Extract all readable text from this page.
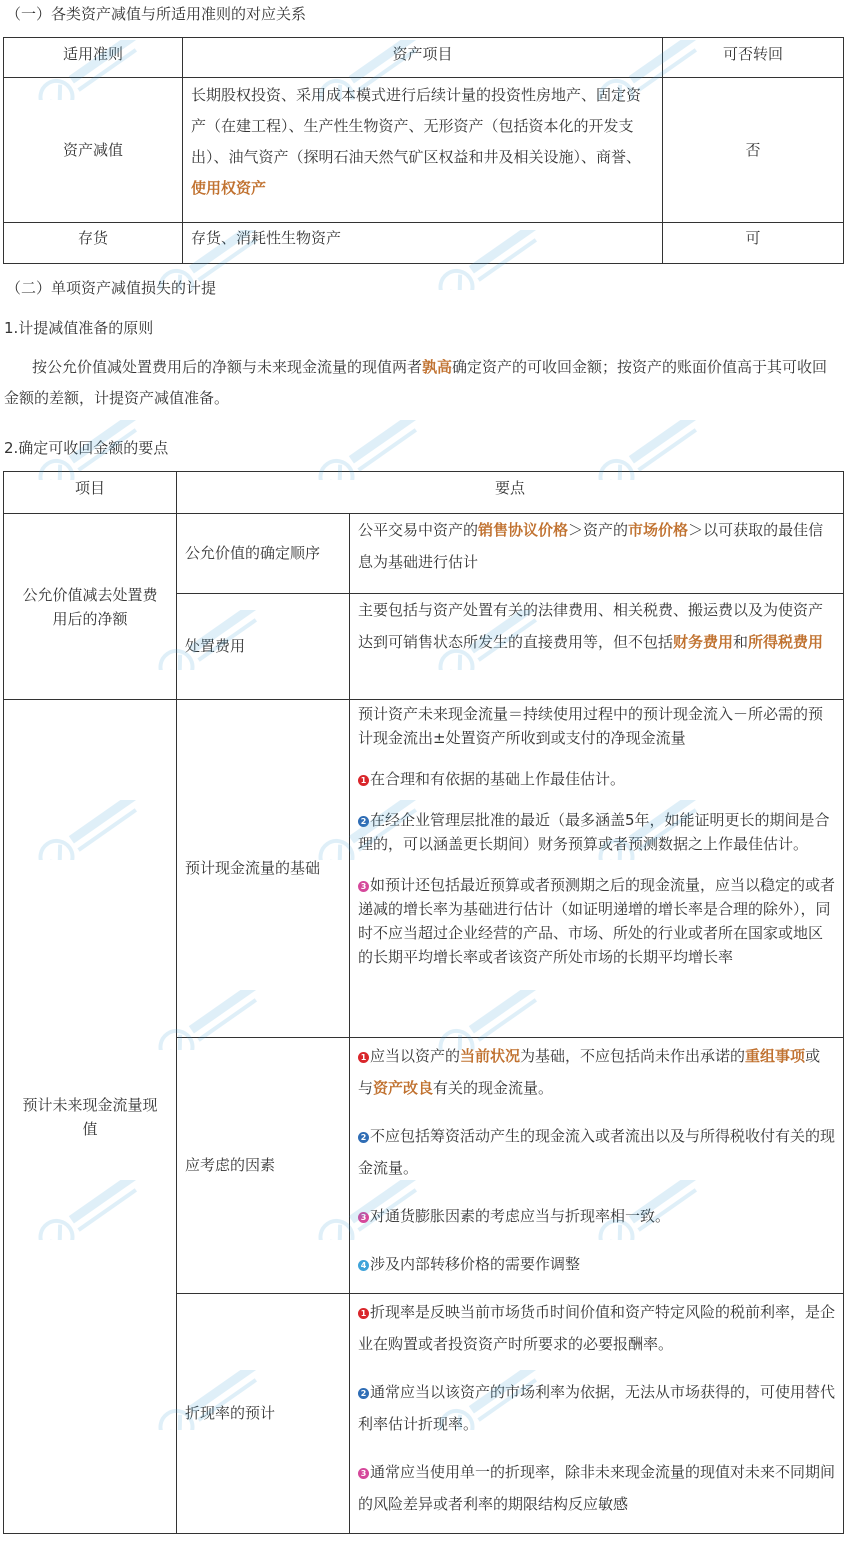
（一）各类资产减值与所适用准则的对应关系
适用准则	资产项目	可否转回
资产减值	长期股权投资、采用成本模式进行后续计量的投资性房地产、固定资产（在建工程）、生产性生物资产、无形资产（包括资本化的开发支出）、油气资产（探明石油天然气矿区权益和井及相关设施）、商誉、使用权资产	否
存货	存货、消耗性生物资产	可
（二）单项资产减值损失的计提
1.计提减值准备的原则
按公允价值减处置费用后的净额与未来现金流量的现值两者孰高确定资产的可收回金额；按资产的账面价值高于其可收回金额的差额，计提资产减值准备。
2.确定可收回金额的要点
项目	要点	
公允价值减去处置费用后的净额	公允价值的确定顺序	公平交易中资产的销售协议价格＞资产的市场价格＞以可获取的最佳信息为基础进行估计
	处置费用	主要包括与资产处置有关的法律费用、相关税费、搬运费以及为使资产达到可销售状态所发生的直接费用等，但不包括财务费用和所得税费用
预计未来现金流量现值	预计现金流量的基础	预计资产未来现金流量＝持续使用过程中的预计现金流入－所必需的预计现金流出±处置资产所收到或支付的净现金流量

1 在合理和有依据的基础上作最佳估计。

2 在经企业管理层批准的最近（最多涵盖5年，如能证明更长的期间是合理的，可以涵盖更长期间）财务预算或者预测数据之上作最佳估计。

3 如预计还包括最近预算或者预测期之后的现金流量，应当以稳定的或者递减的增长率为基础进行估计（如证明递增的增长率是合理的除外），同时不应当超过企业经营的产品、市场、所处的行业或者所在国家或地区的长期平均增长率或者该资产所处市场的长期平均增长率

	应考虑的因素	1 应当以资产的当前状况为基础，不应包括尚未作出承诺的重组事项或与资产改良有关的现金流量。

2 不应包括筹资活动产生的现金流入或者流出以及与所得税收付有关的现金流量。

3 对通货膨胀因素的考虑应当与折现率相一致。

4 涉及内部转移价格的需要作调整

	折现率的预计	1 折现率是反映当前市场货币时间价值和资产特定风险的税前利率，是企业在购置或者投资资产时所要求的必要报酬率。

2 通常应当以该资产的市场利率为依据，无法从市场获得的，可使用替代利率估计折现率。

3 通常应当使用单一的折现率，除非未来现金流量的现值对未来不同期间的风险差异或者利率的期限结构反应敏感
